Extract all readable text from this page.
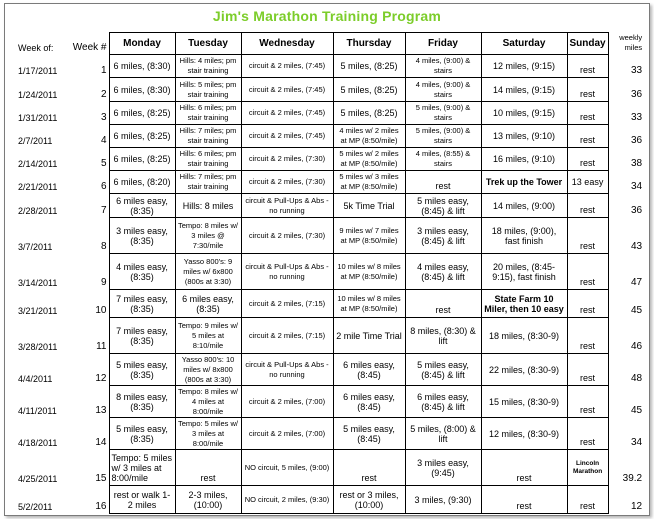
Jim's Marathon Training Program
Week of:	Week #	Monday	Tuesday	Wednesday	Thursday	Friday	Saturday	Sunday	weekly miles
1/17/2011	1	6 miles, (8:30)	Hills: 4 miles; pm stair training	circuit & 2 miles, (7:45)	5 miles, (8:25)	4 miles, (9:00) & stairs	12 miles, (9:15)	rest	33
1/24/2011	2	6 miles, (8:30)	Hills: 5 miles; pm stair training	circuit & 2 miles, (7:45)	5 miles, (8:25)	4 miles, (9:00) & stairs	14 miles, (9:15)	rest	36
1/31/2011	3	6 miles, (8:25)	Hills: 6 miles; pm stair training	circuit & 2 miles, (7:45)	5 miles, (8:25)	5 miles, (9:00) & stairs	10 miles, (9:15)	rest	33
2/7/2011	4	6 miles, (8:25)	Hills: 7 miles; pm stair training	circuit & 2 miles, (7:45)	4 miles w/ 2 miles at MP (8:50/mile)	5 miles, (9:00) & stairs	13 miles, (9:10)	rest	36
2/14/2011	5	6 miles, (8:25)	Hills: 6 miles; pm stair training	circuit & 2 miles, (7:30)	5 miles w/ 2 miles at MP (8:50/mile)	4 miles, (8:55) & stairs	16 miles, (9:10)	rest	38
2/21/2011	6	6 miles, (8:20)	Hills: 7 miles; pm stair training	circuit & 2 miles, (7:30)	5 miles w/ 3 miles at MP (8:50/mile)	rest	Trek up the Tower	13 easy	34
2/28/2011	7	6 miles easy, (8:35)	Hills: 8 miles	circuit & Pull-Ups & Abs - no running	5k Time Trial	5 miles easy, (8:45) & lift	14 miles, (9:00)	rest	36
3/7/2011	8	3 miles easy, (8:35)	Tempo: 8 miles w/ 3 miles @ 7:30/mile	circuit & 2 miles, (7:30)	9 miles w/ 7 miles at MP (8:50/mile)	3 miles easy, (8:45) & lift	18 miles, (9:00), fast finish	rest	43
3/14/2011	9	4 miles easy, (8:35)	Yasso 800's: 9 miles w/ 6x800 (800s at 3:30)	circuit & Pull-Ups & Abs - no running	10 miles w/ 8 miles at MP (8:50/mile)	4 miles easy, (8:45) & lift	20 miles, (8:45-9:15), fast finish	rest	47
3/21/2011	10	7 miles easy, (8:35)	6 miles easy, (8:35)	circuit & 2 miles, (7:15)	10 miles w/ 8 miles at MP (8:50/mile)	rest	State Farm 10 Miler, then 10 easy	rest	45
3/28/2011	11	7 miles easy, (8:35)	Tempo: 9 miles w/ 5 miles at 8:10/mile	circuit & 2 miles, (7:15)	2 mile Time Trial	8 miles, (8:30) & lift	18 miles, (8:30-9)	rest	46
4/4/2011	12	5 miles easy, (8:35)	Yasso 800's: 10 miles w/ 8x800 (800s at 3:30)	circuit & Pull-Ups & Abs - no running	6 miles easy, (8:45)	5 miles easy, (8:45) & lift	22 miles, (8:30-9)	rest	48
4/11/2011	13	8 miles easy, (8:35)	Tempo: 8 miles w/ 4 miles at 8:00/mile	circuit & 2 miles, (7:00)	6 miles easy, (8:45)	6 miles easy, (8:45) & lift	15 miles, (8:30-9)	rest	45
4/18/2011	14	5 miles easy, (8:35)	Tempo: 5 miles w/ 3 miles at 8:00/mile	circuit & 2 miles, (7:00)	5 miles easy, (8:45)	5 miles, (8:00) & lift	12 miles, (8:30-9)	rest	34
4/25/2011	15	Tempo: 5 miles w/ 3 miles at 8:00/mile	rest	NO circuit, 5 miles, (9:00)	rest	3 miles easy, (9:45)	rest	Lincoln Marathon	39.2
5/2/2011	16	rest or walk 1-2 miles	2-3 miles, (10:00)	NO circuit, 2 miles, (9:30)	rest or 3 miles, (10:00)	3 miles, (9:30)	rest	rest	12
